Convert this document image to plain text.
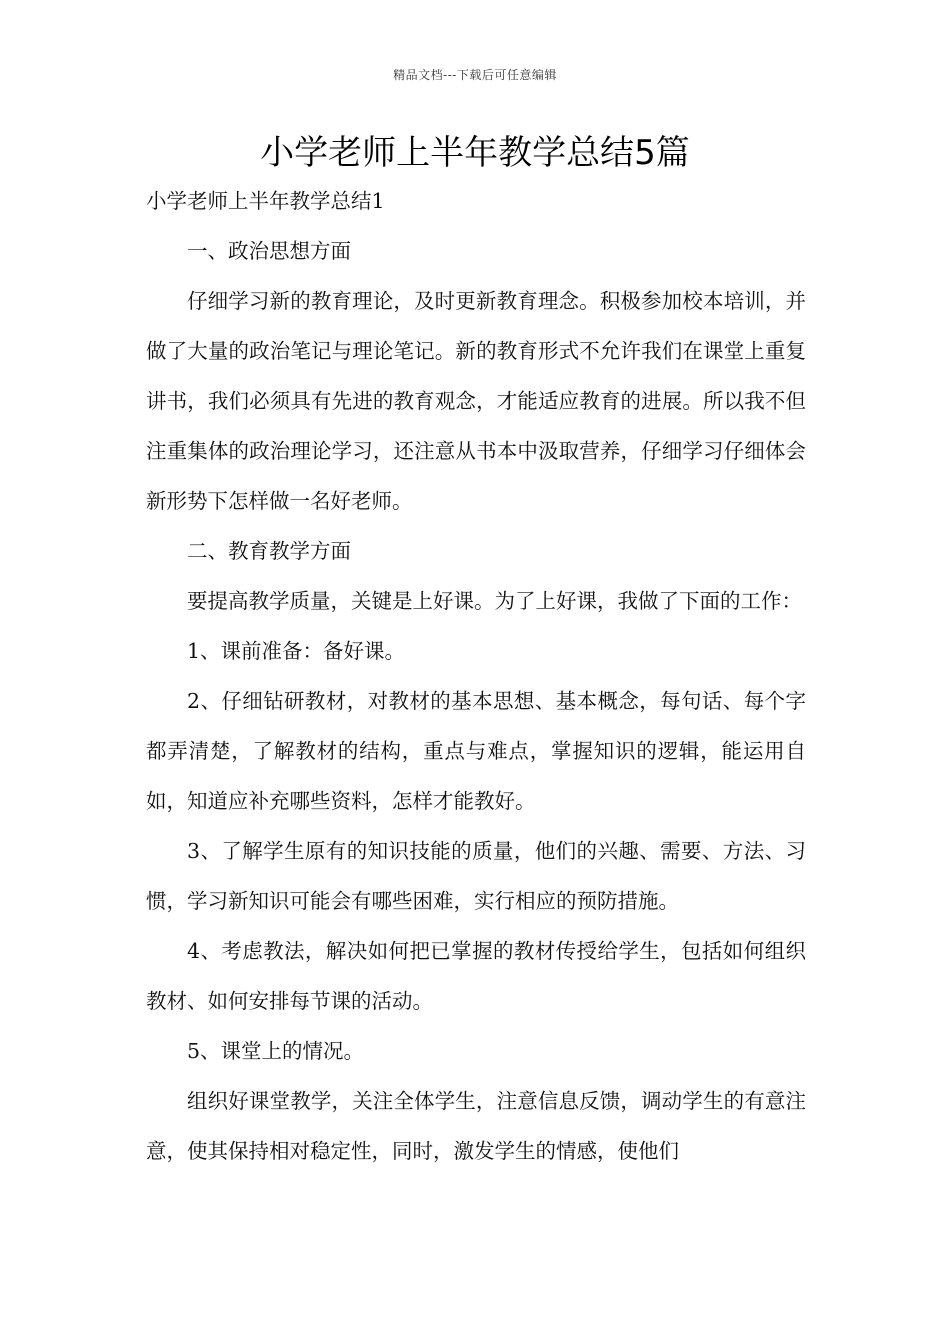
精品文档---下载后可任意编辑
小学老师上半年教学总结5篇

小学老师上半年教学总结1

一、政治思想方面

仔细学习新的教育理论，及时更新教育理念。积极参加校本培训，并做了大量的政治笔记与理论笔记。新的教育形式不允许我们在课堂上重复讲书，我们必须具有先进的教育观念，才能适应教育的进展。所以我不但注重集体的政治理论学习，还注意从书本中汲取营养，仔细学习仔细体会新形势下怎样做一名好老师。

二、教育教学方面

要提高教学质量，关键是上好课。为了上好课，我做了下面的工作：

1、课前准备：备好课。

2、仔细钻研教材，对教材的基本思想、基本概念，每句话、每个字都弄清楚，了解教材的结构，重点与难点，掌握知识的逻辑，能运用自如，知道应补充哪些资料，怎样才能教好。

3、了解学生原有的知识技能的质量，他们的兴趣、需要、方法、习惯，学习新知识可能会有哪些困难，实行相应的预防措施。

4、考虑教法，解决如何把已掌握的教材传授给学生，包括如何组织教材、如何安排每节课的活动。

5、课堂上的情况。

组织好课堂教学，关注全体学生，注意信息反馈，调动学生的有意注意，使其保持相对稳定性，同时，激发学生的情感，使他们
